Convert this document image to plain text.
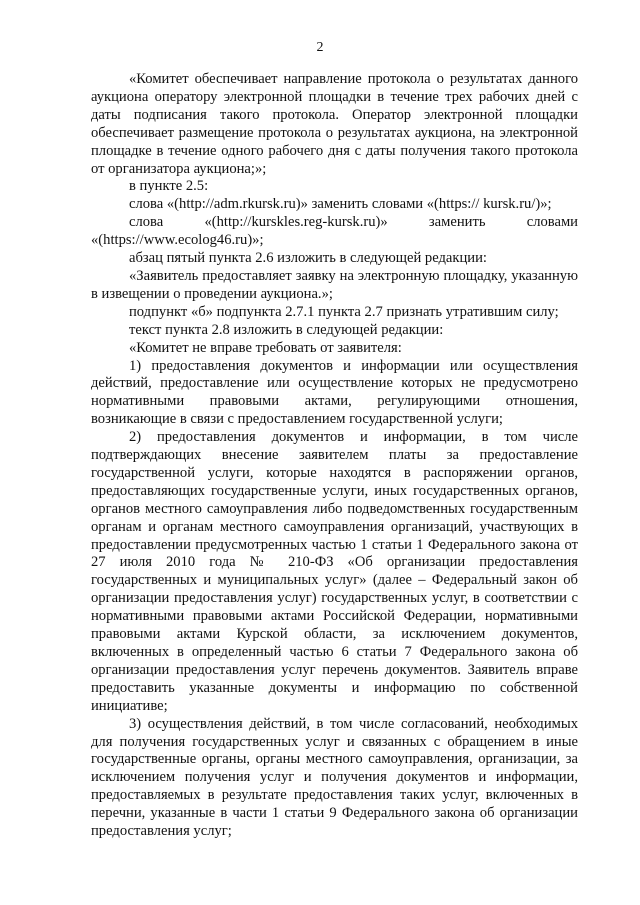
2

«Комитет обеспечивает направление протокола о результатах данного аукциона оператору электронной площадки в течение трех рабочих дней с даты подписания такого протокола. Оператор электронной площадки обеспечивает размещение протокола о результатах аукциона, на электронной площадке в течение одного рабочего дня с даты получения такого протокола от организатора аукциона;»;

в пункте 2.5:

слова «(http://adm.rkursk.ru)» заменить словами «(https:// kursk.ru/)»;

слова «(http://kurskles.reg-kursk.ru)» заменить словами «(https://www.ecolog46.ru)»;

абзац пятый пункта 2.6 изложить в следующей редакции:

«Заявитель предоставляет заявку на электронную площадку, указанную в извещении о проведении аукциона.»;

подпункт «б» подпункта 2.7.1 пункта 2.7 признать утратившим силу;

текст пункта 2.8 изложить в следующей редакции:

«Комитет не вправе требовать от заявителя:

1) предоставления документов и информации или осуществления действий, предоставление или осуществление которых не предусмотрено нормативными правовыми актами, регулирующими отношения, возникающие в связи с предоставлением государственной услуги;

2) предоставления документов и информации, в том числе подтверждающих внесение заявителем платы за предоставление государственной услуги, которые находятся в распоряжении органов, предоставляющих государственные услуги, иных государственных органов, органов местного самоуправления либо подведомственных государственным органам и органам местного самоуправления организаций, участвующих в предоставлении предусмотренных частью 1 статьи 1 Федерального закона от 27 июля 2010 года № 210-ФЗ «Об организации предоставления государственных и муниципальных услуг» (далее – Федеральный закон об организации предоставления услуг) государственных услуг, в соответствии с нормативными правовыми актами Российской Федерации, нормативными правовыми актами Курской области, за исключением документов, включенных в определенный частью 6 статьи 7 Федерального закона об организации предоставления услуг перечень документов. Заявитель вправе предоставить указанные документы и информацию по собственной инициативе;

3) осуществления действий, в том числе согласований, необходимых для получения государственных услуг и связанных с обращением в иные государственные органы, органы местного самоуправления, организации, за исключением получения услуг и получения документов и информации, предоставляемых в результате предоставления таких услуг, включенных в перечни, указанные в части 1 статьи 9 Федерального закона об организации предоставления услуг;
